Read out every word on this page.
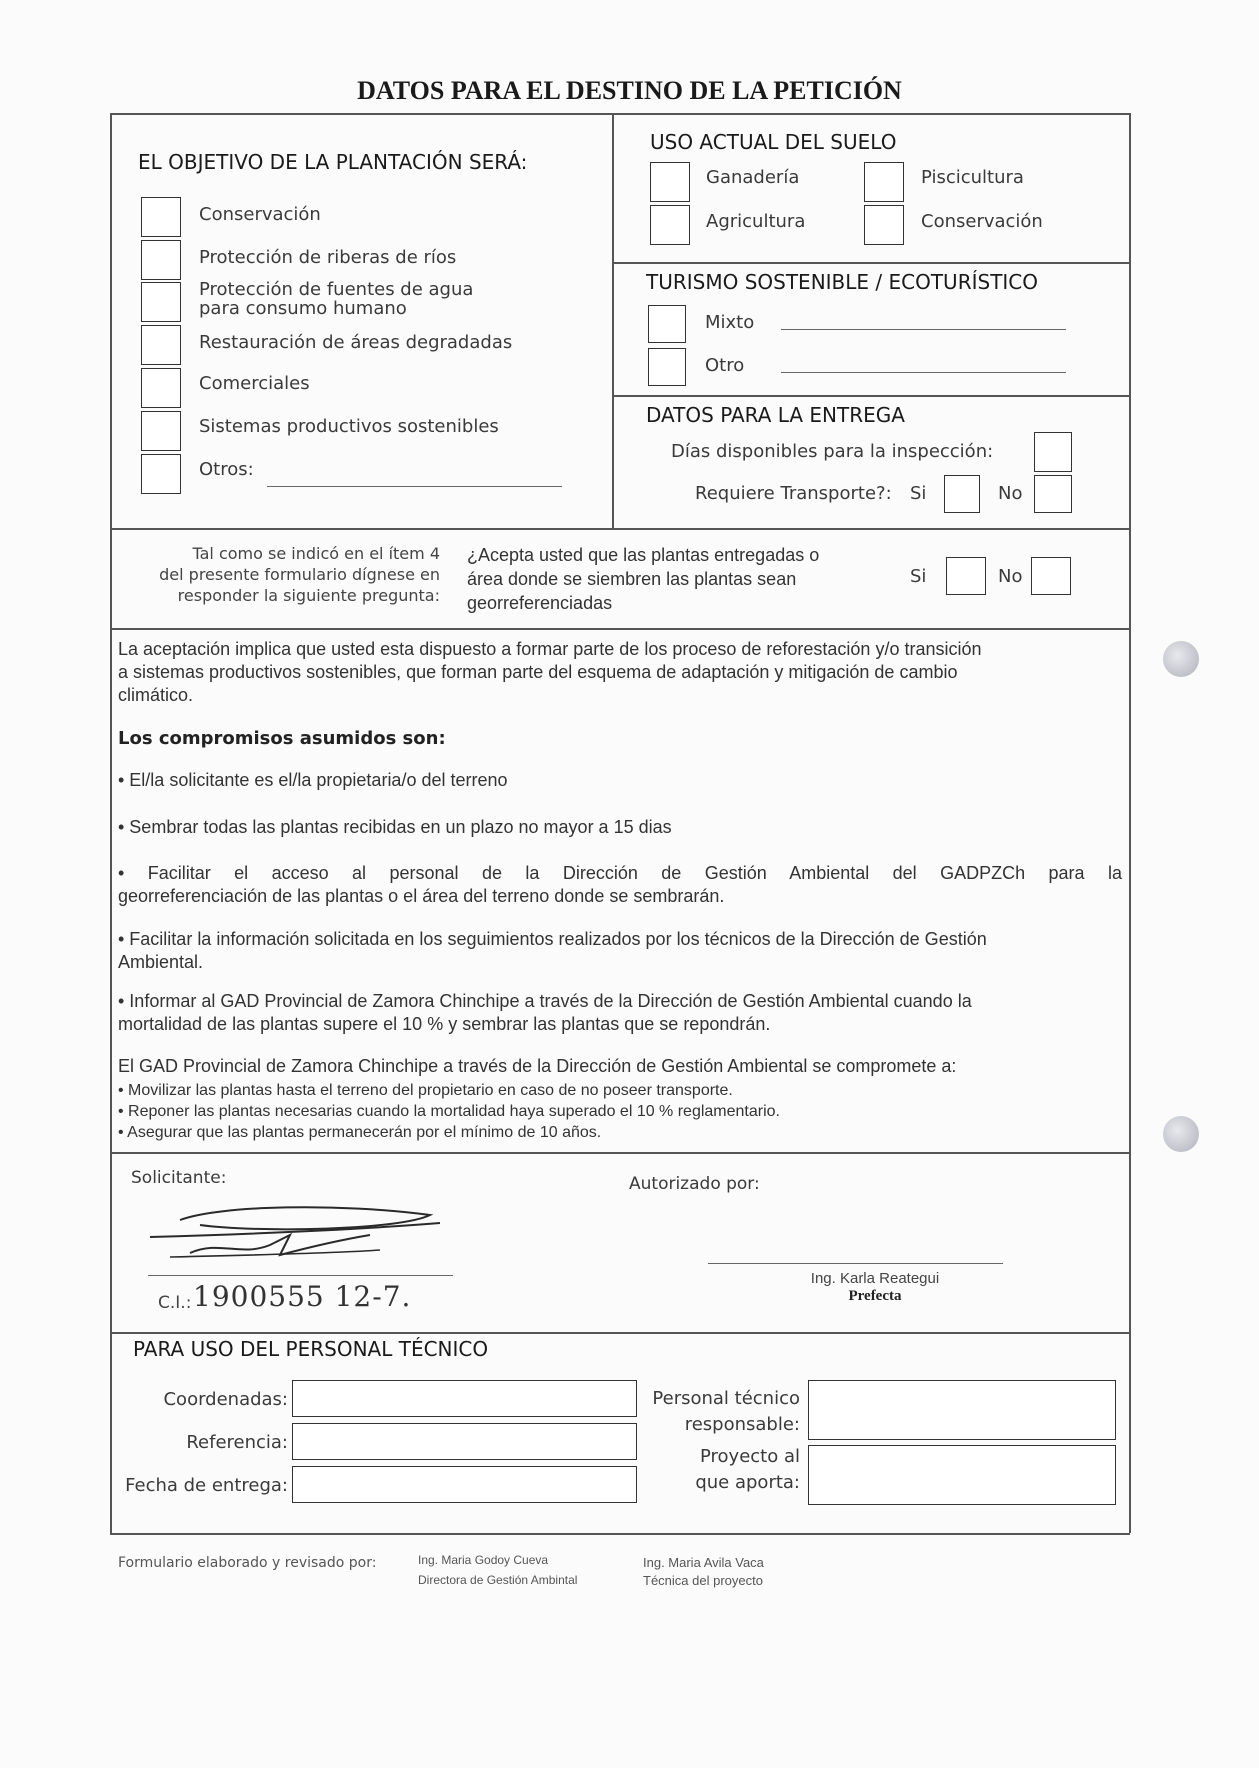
DATOS PARA EL DESTINO DE LA PETICIÓN
EL OBJETIVO DE LA PLANTACIÓN SERÁ:
Conservación
Protección de riberas de ríos
Protección de fuentes de agua
para consumo humano
Restauración de áreas degradadas
Comerciales
Sistemas productivos sostenibles
Otros:
USO ACTUAL DEL SUELO
Ganadería	Piscicultura
Agricultura	Conservación
TURISMO SOSTENIBLE / ECOTURÍSTICO
Mixto
Otro
DATOS PARA LA ENTREGA
Días disponibles para la inspección:
Requiere Transporte?: Si	No
Tal como se indicó en el ítem 4
del presente formulario dígnese en
responder la siguiente pregunta:
¿Acepta usted que las plantas entregadas o
área donde se siembren las plantas sean
georreferenciadas
Si	No
La aceptación implica que usted esta dispuesto a formar parte de los proceso de reforestación y/o transición
a sistemas productivos sostenibles, que forman parte del esquema de adaptación y mitigación de cambio
climático.
Los compromisos asumidos son:
• El/la solicitante es el/la propietaria/o del terreno
• Sembrar todas las plantas recibidas en un plazo no mayor a 15 dias
• Facilitar el acceso al personal de la Dirección de Gestión Ambiental del GADPZCh para la
georreferenciación de las plantas o el área del terreno donde se sembrarán.
• Facilitar la información solicitada en los seguimientos realizados por los técnicos de la Dirección de Gestión
Ambiental.
• Informar al GAD Provincial de Zamora Chinchipe a través de la Dirección de Gestión Ambiental cuando la
mortalidad de las plantas supere el 10 % y sembrar las plantas que se repondrán.
El GAD Provincial de Zamora Chinchipe a través de la Dirección de Gestión Ambiental se compromete a:
• Movilizar las plantas hasta el terreno del propietario en caso de no poseer transporte.
• Reponer las plantas necesarias cuando la mortalidad haya superado el 10 % reglamentario.
• Asegurar que las plantas permanecerán por el mínimo de 10 años.
Solicitante:
C.I.: 1900555 12-7.
Autorizado por:
Ing. Karla Reategui
Prefecta
PARA USO DEL PERSONAL TÉCNICO
Coordenadas:
Referencia:
Fecha de entrega:
Personal técnico
responsable:
Proyecto al
que aporta:
Formulario elaborado y revisado por:	Ing. Maria Godoy Cueva
Directora de Gestión Ambintal
Ing. Maria Avila Vaca
Técnica del proyecto
